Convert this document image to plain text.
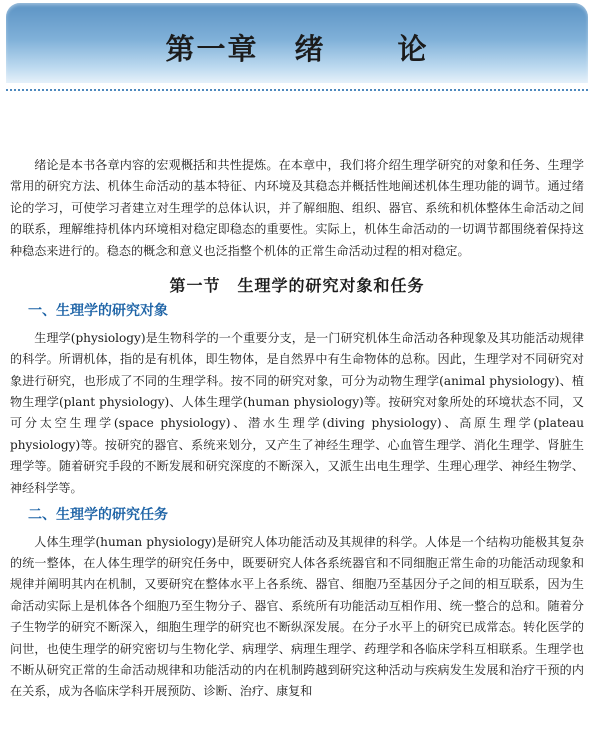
第一章 绪 论

绪论是本书各章内容的宏观概括和共性提炼。在本章中，我们将介绍生理学研究的对象和任务、生理学常用的研究方法、机体生命活动的基本特征、内环境及其稳态并概括性地阐述机体生理功能的调节。通过绪论的学习，可使学习者建立对生理学的总体认识，并了解细胞、组织、器官、系统和机体整体生命活动之间的联系，理解维持机体内环境相对稳定即稳态的重要性。实际上，机体生命活动的一切调节都围绕着保持这种稳态来进行的。稳态的概念和意义也泛指整个机体的正常生命活动过程的相对稳定。

第一节　生理学的研究对象和任务
一、生理学的研究对象

生理学(physiology)是生物科学的一个重要分支，是一门研究机体生命活动各种现象及其功能活动规律的科学。所谓机体，指的是有机体，即生物体，是自然界中有生命物体的总称。因此，生理学对不同研究对象进行研究，也形成了不同的生理学科。按不同的研究对象，可分为动物生理学(animal physiology)、植物生理学(plant physiology)、人体生理学(human physiology)等。按研究对象所处的环境状态不同，又可分太空生理学(space physiology)、潜水生理学(diving physiology)、高原生理学(plateau physiology)等。按研究的器官、系统来划分，又产生了神经生理学、心血管生理学、消化生理学、肾脏生理学等。随着研究手段的不断发展和研究深度的不断深入，又派生出电生理学、生理心理学、神经生物学、神经科学等。

二、生理学的研究任务

人体生理学(human physiology)是研究人体功能活动及其规律的科学。人体是一个结构功能极其复杂的统一整体，在人体生理学的研究任务中，既要研究人体各系统器官和不同细胞正常生命的功能活动现象和规律并阐明其内在机制，又要研究在整体水平上各系统、器官、细胞乃至基因分子之间的相互联系，因为生命活动实际上是机体各个细胞乃至生物分子、器官、系统所有功能活动互相作用、统一整合的总和。随着分子生物学的研究不断深入，细胞生理学的研究也不断纵深发展。在分子水平上的研究已成常态。转化医学的问世，也使生理学的研究密切与生物化学、病理学、病理生理学、药理学和各临床学科互相联系。生理学也不断从研究正常的生命活动规律和功能活动的内在机制跨越到研究这种活动与疾病发生发展和治疗干预的内在关系，成为各临床学科开展预防、诊断、治疗、康复和
